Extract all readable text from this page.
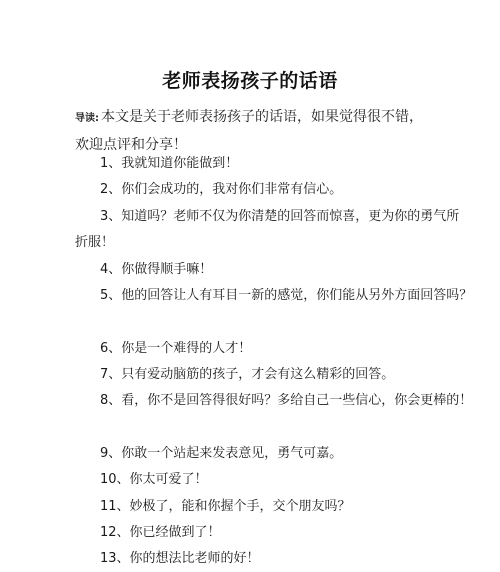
老师表扬孩子的话语
导读: 本文是关于老师表扬孩子的话语，如果觉得很不错，
欢迎点评和分享！
1、我就知道你能做到！
2、你们会成功的，我对你们非常有信心。
3、知道吗？老师不仅为你清楚的回答而惊喜，更为你的勇气所
折服！
4、你做得顺手嘛！
5、他的回答让人有耳目一新的感觉，你们能从另外方面回答吗？
6、你是一个难得的人才！
7、只有爱动脑筋的孩子，才会有这么精彩的回答。
8、看，你不是回答得很好吗？多给自己一些信心，你会更棒的！
9、你敢一个站起来发表意见，勇气可嘉。
10、你太可爱了！
11、妙极了，能和你握个手，交个朋友吗？
12、你已经做到了！
13、你的想法比老师的好！
